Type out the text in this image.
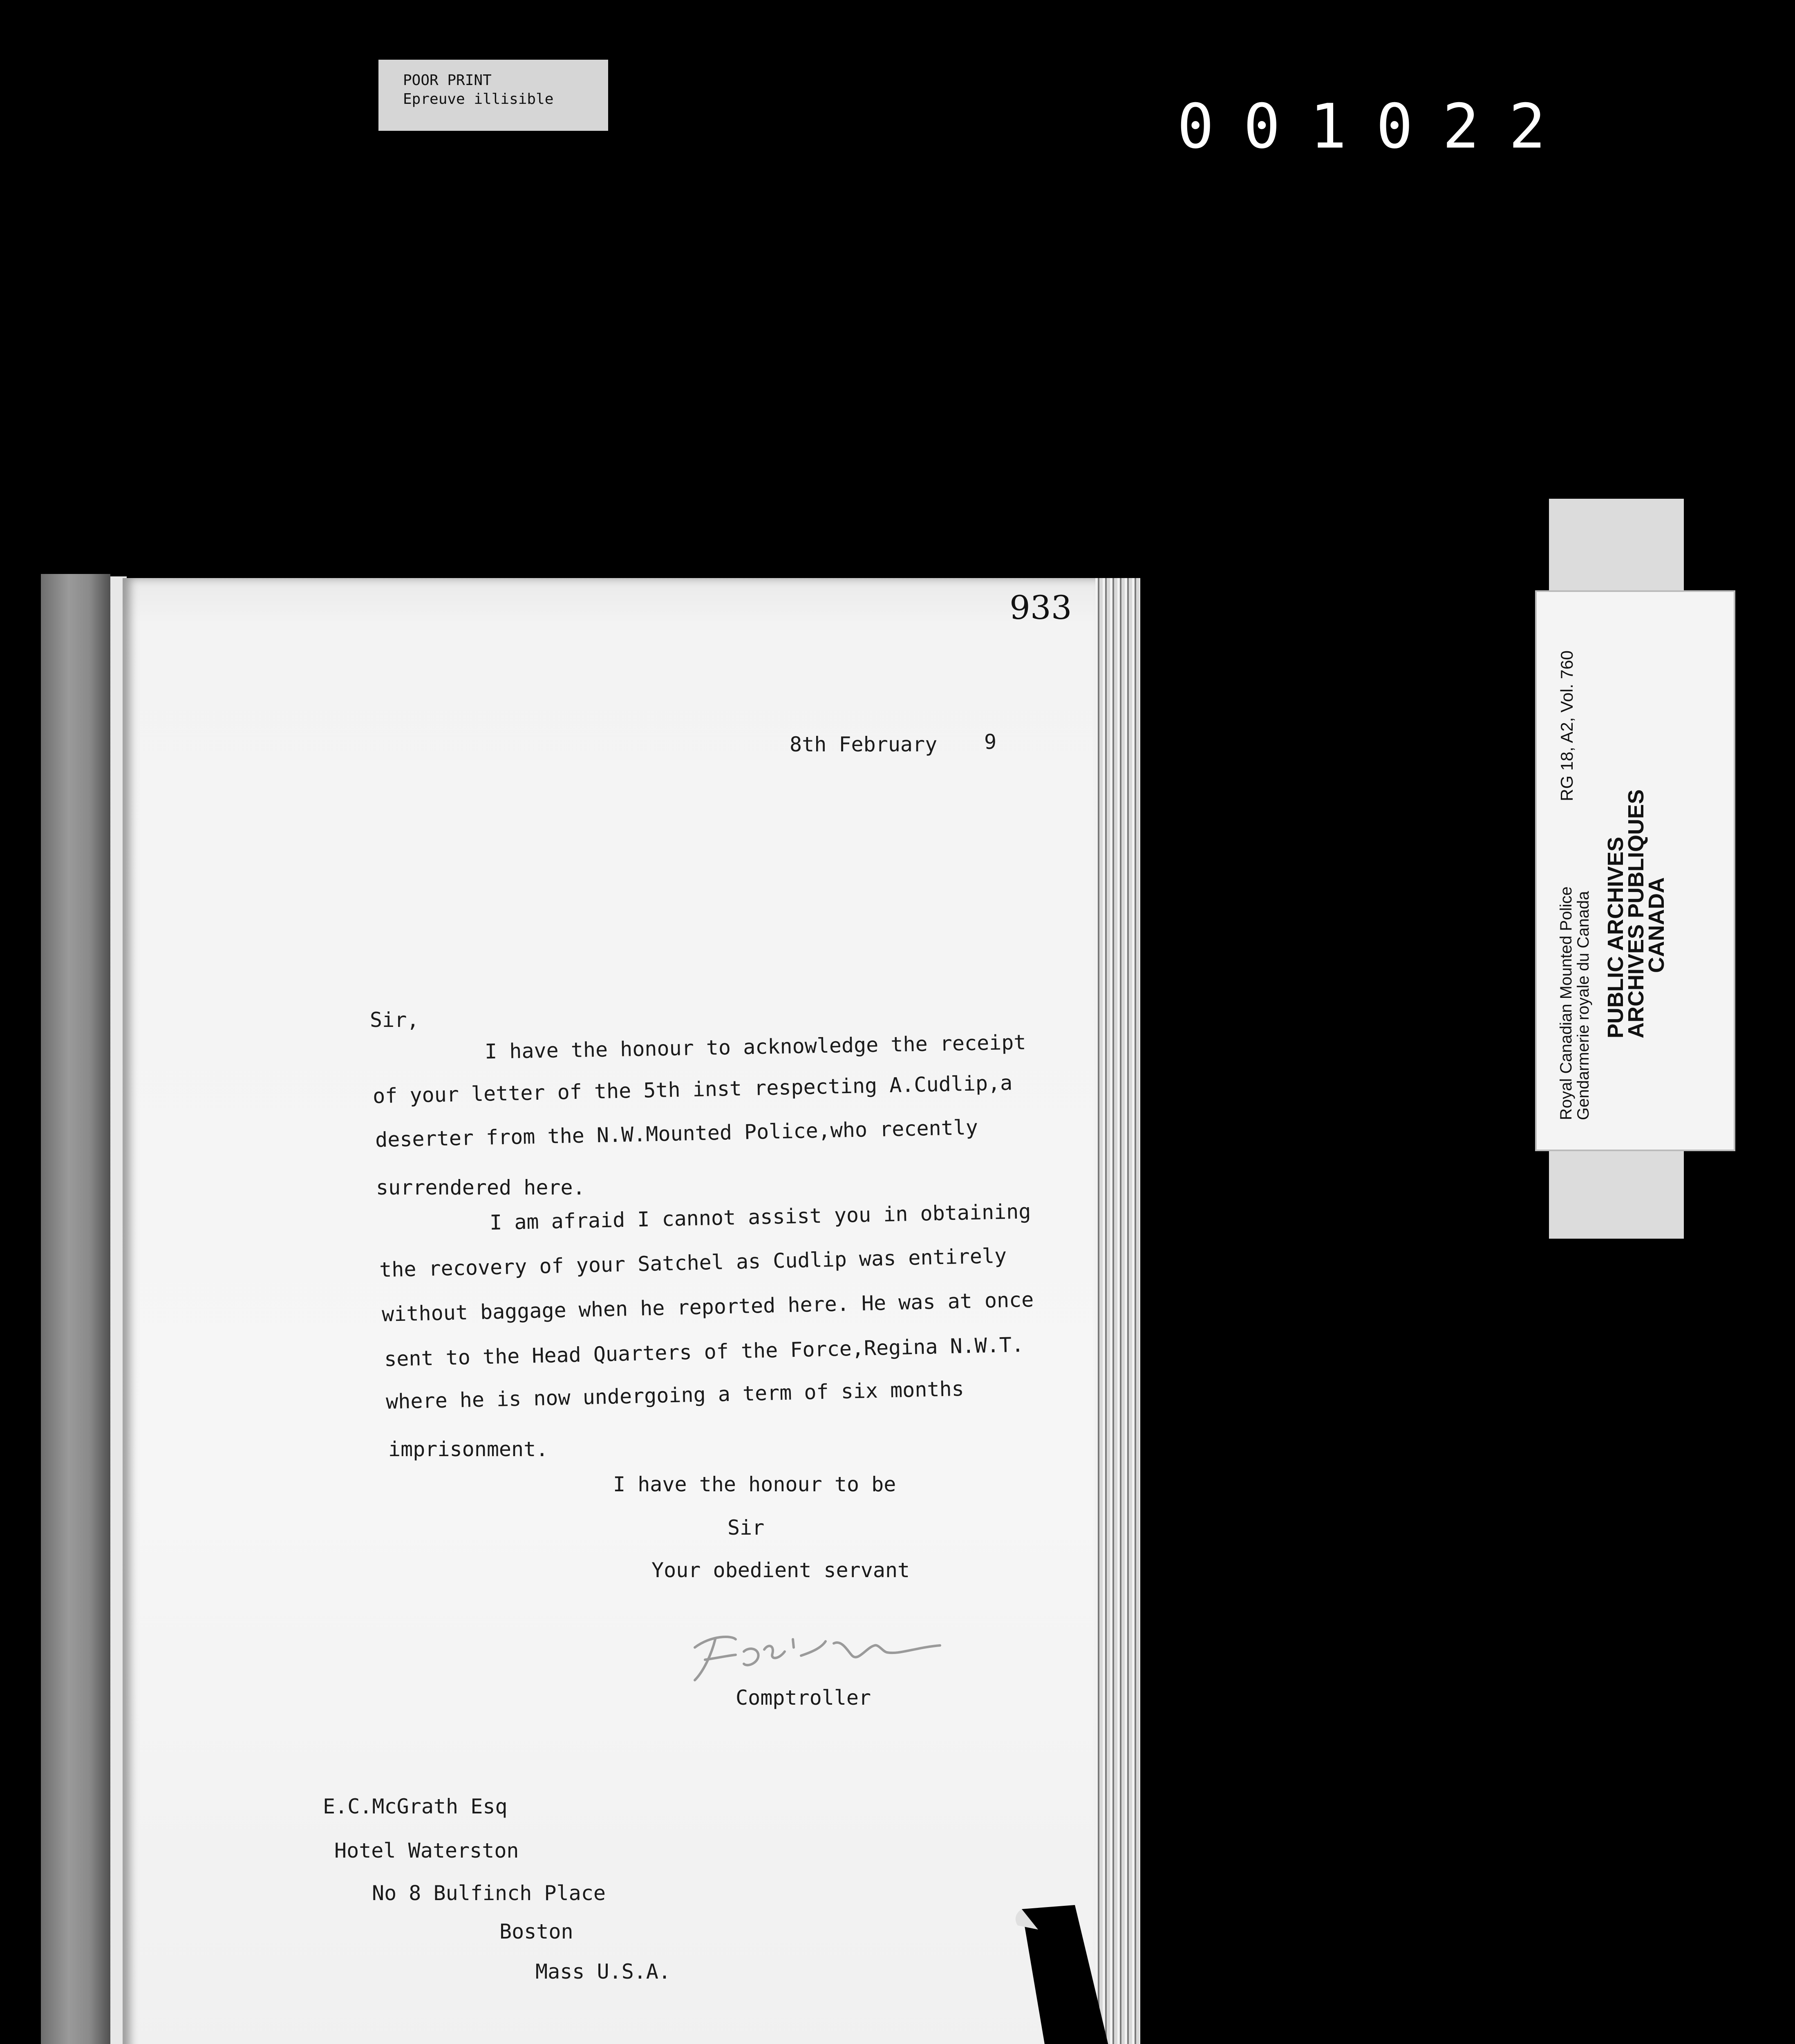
POOR PRINT
Epreuve illisible	001022
933
8th February 9
Sir,
I have the honour to acknowledge the receipt
of your letter of the 5th inst respecting A.Cudlip,a
deserter from the N.W.Mounted Police,who recently
surrendered here.
I am afraid I cannot assist you in obtaining
the recovery of your Satchel as Cudlip was entirely
without baggage when he reported here. He was at once
sent to the Head Quarters of the Force,Regina N.W.T.
where he is now undergoing a term of six months
imprisonment.
I have the honour to be
Sir
Your obedient servant
Comptroller
E.C.McGrath Esq
Hotel Waterston
No 8 Bulfinch Place
Boston
Mass U.S.A.
Royal Canadian Mounted Police
Gendarmerie royale du Canada
RG 18, A2, Vol. 760
PUBLIC ARCHIVES
ARCHIVES PUBLIQUES
CANADA
